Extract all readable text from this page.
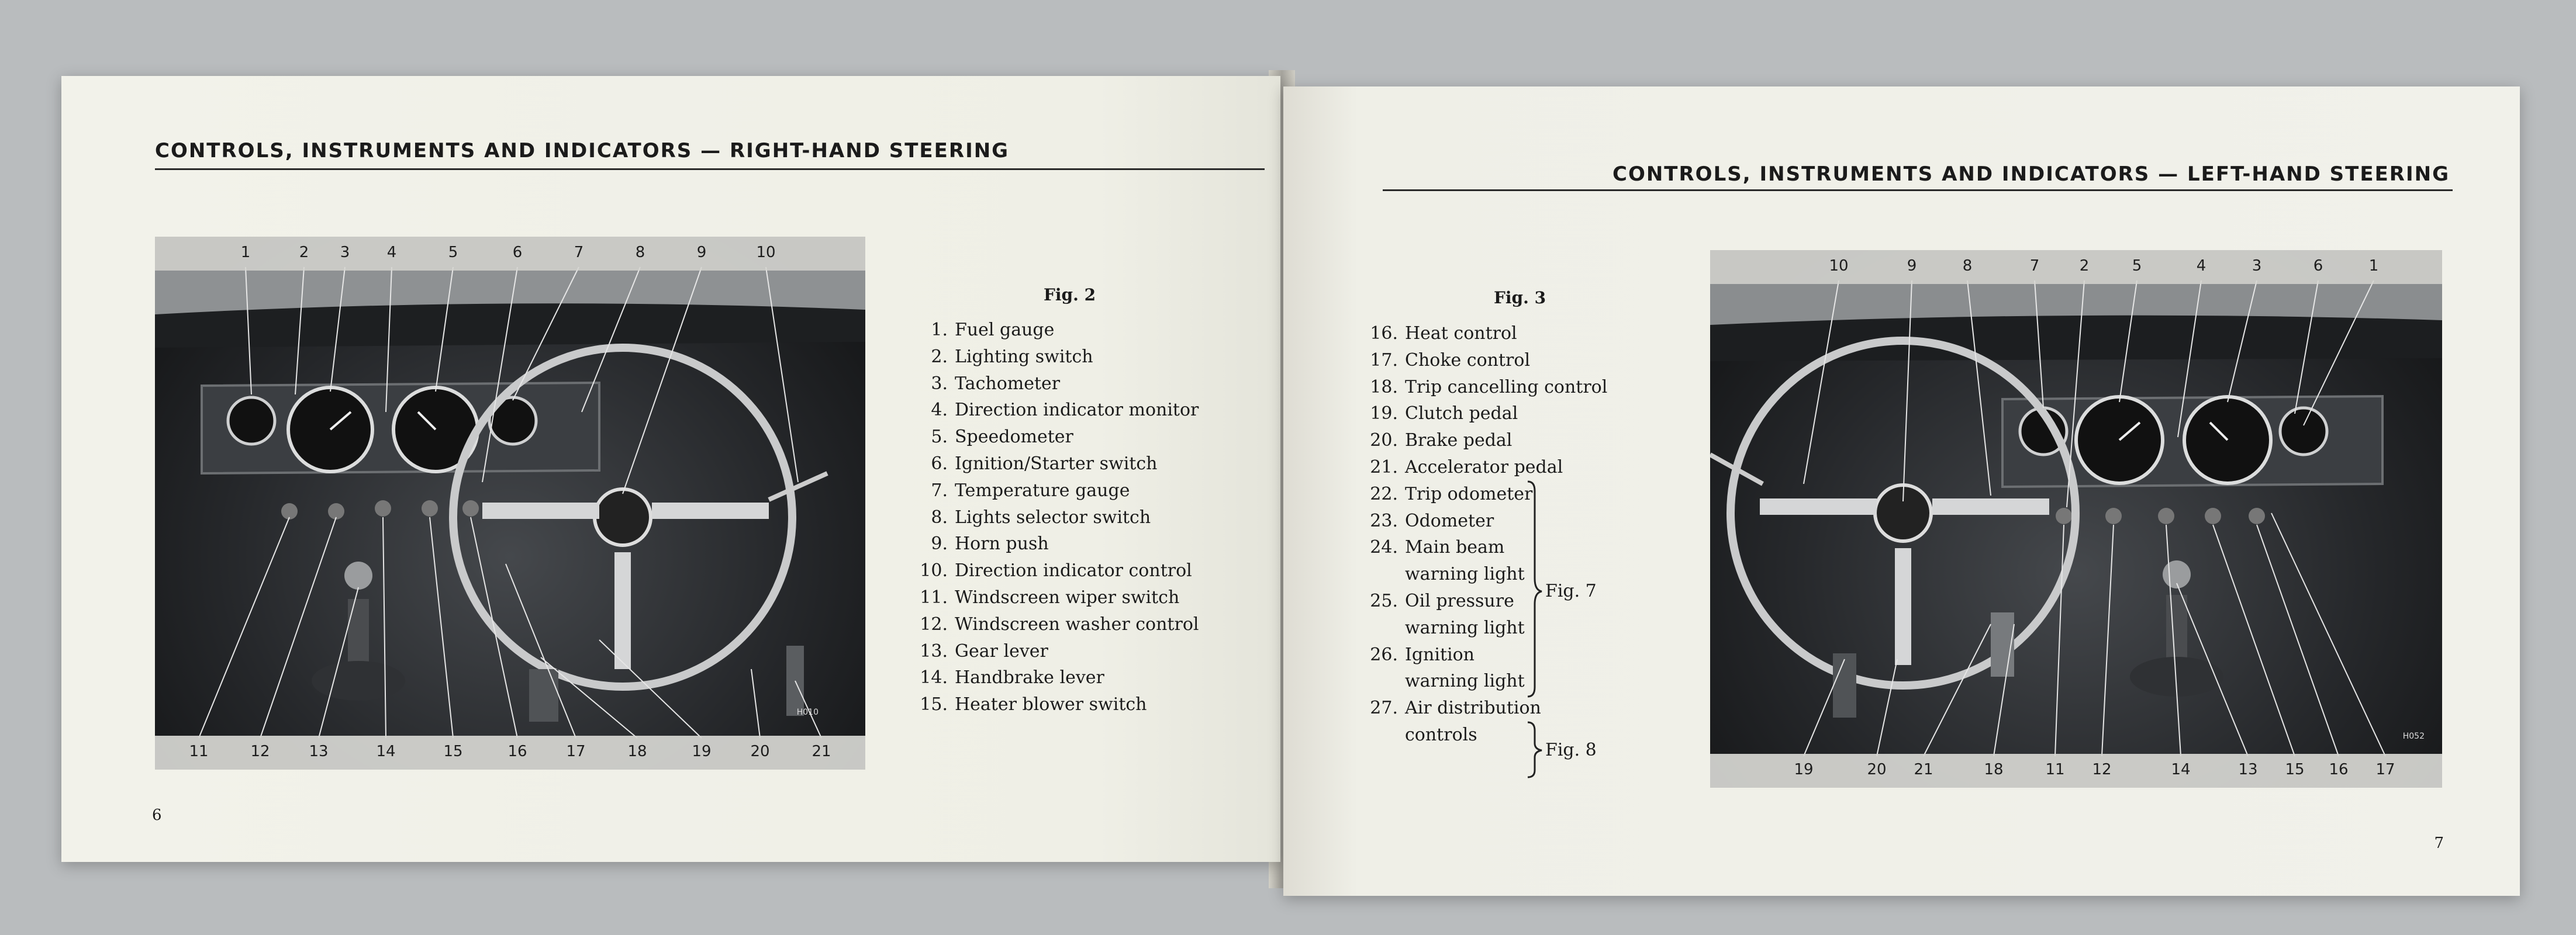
CONTROLS, INSTRUMENTS AND INDICATORS — RIGHT-HAND STEERING
H010
1	2 3 4	5	6	7	8	9	10
11	12	13	14	15	16	17	18	19	20	21
Fig. 2
1. Fuel gauge
2. Lighting switch
3. Tachometer
4. Direction indicator monitor
5. Speedometer
6. Ignition/Starter switch
7. Temperature gauge
8. Lights selector switch
9. Horn push
10. Direction indicator control
11. Windscreen wiper switch
12. Windscreen washer control
13. Gear lever
14. Handbrake lever
15. Heater blower switch
6
CONTROLS, INSTRUMENTS AND INDICATORS — LEFT-HAND STEERING
Fig. 3
16. Heat control
17. Choke control
18. Trip cancelling control
19. Clutch pedal
20. Brake pedal
21. Accelerator pedal
22. Trip odometer
23. Odometer
24. Main beam
warning light
25. Oil pressure
warning light
26. Ignition
warning light
27. Air distribution
controls
Fig. 7
Fig. 8
H052
10	9	8	7	2	5	4	3	6	1
19	20 21	18	11 12	14	13 15 16 17
7
